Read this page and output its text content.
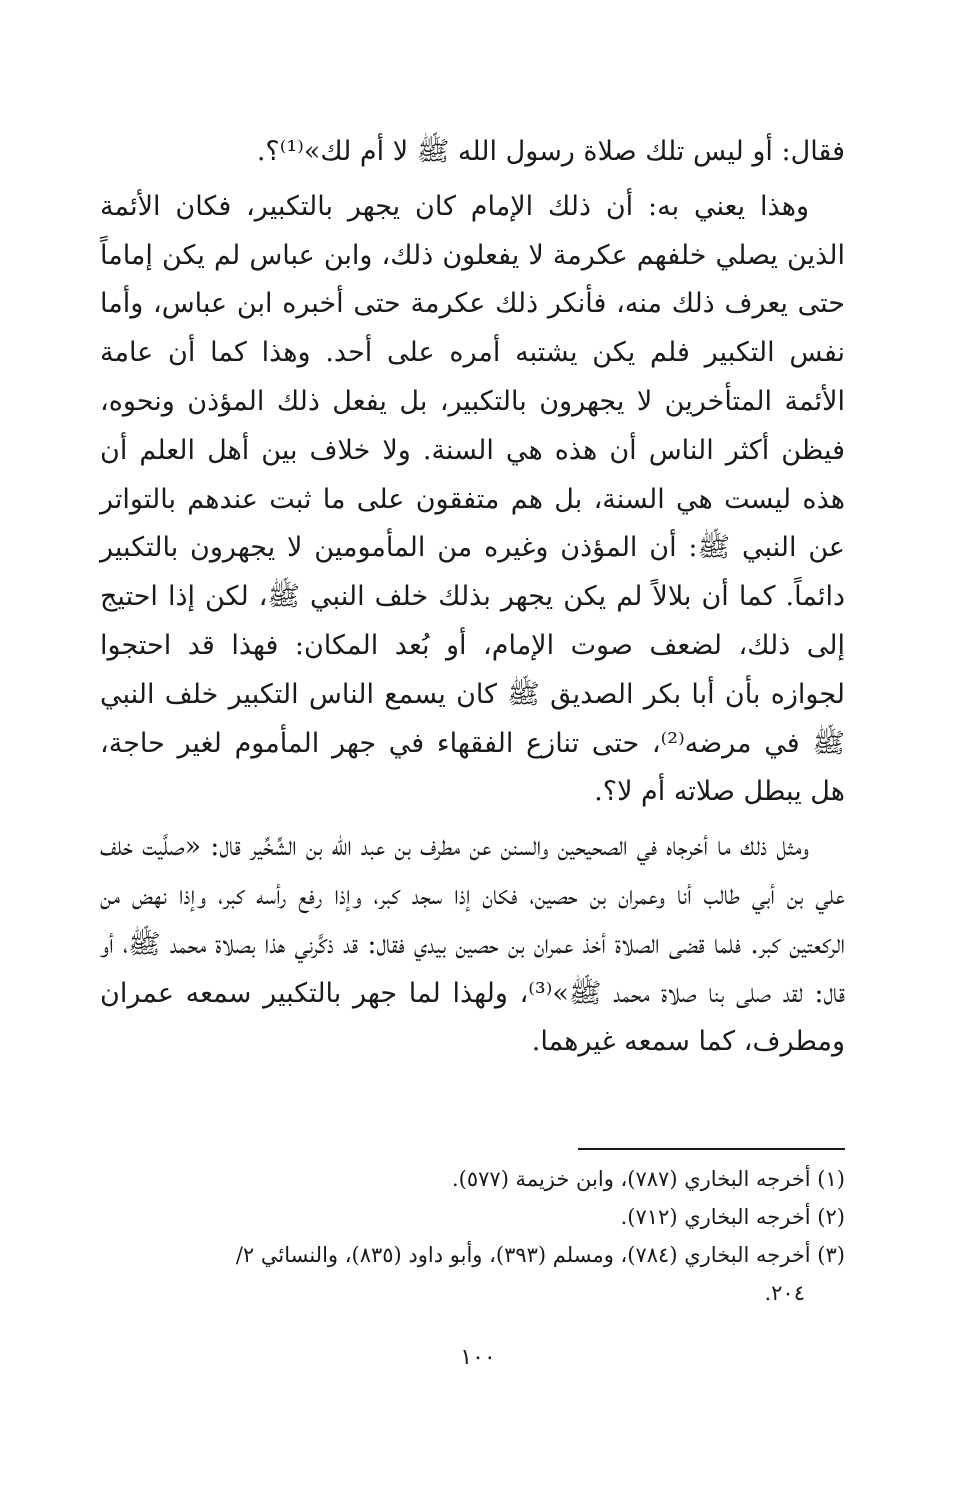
فقال: أو ليس تلك صلاة رسول الله ﷺ لا أم لك»⁽¹⁾؟.

وهذا يعني به: أن ذلك الإمام كان يجهر بالتكبير، فكان الأئمة الذين يصلي خلفهم عكرمة لا يفعلون ذلك، وابن عباس لم يكن إماماً حتى يعرف ذلك منه، فأنكر ذلك عكرمة حتى أخبره ابن عباس، وأما نفس التكبير فلم يكن يشتبه أمره على أحد. وهذا كما أن عامة الأئمة المتأخرين لا يجهرون بالتكبير، بل يفعل ذلك المؤذن ونحوه، فيظن أكثر الناس أن هذه هي السنة. ولا خلاف بين أهل العلم أن هذه ليست هي السنة، بل هم متفقون على ما ثبت عندهم بالتواتر عن النبي ﷺ: أن المؤذن وغيره من المأمومين لا يجهرون بالتكبير دائماً. كما أن بلالاً لم يكن يجهر بذلك خلف النبي ﷺ، لكن إذا احتيج إلى ذلك، لضعف صوت الإمام، أو بُعد المكان: فهذا قد احتجوا لجوازه بأن أبا بكر الصديق ﷺ كان يسمع الناس التكبير خلف النبي ﷺ في مرضه⁽²⁾، حتى تنازع الفقهاء في جهر المأموم لغير حاجة، هل يبطل صلاته أم لا؟.

ومثل ذلك ما أخرجاه في الصحيحين والسنن عن مطرف بن عبد الله بن الشِّخِّير قال: «صلَّيت خلف علي بن أبي طالب أنا وعمران بن حصين، فكان إذا سجد كبر، وإذا رفع رأسه كبر، وإذا نهض من الركعتين كبر. فلما قضى الصلاة أخذ عمران بن حصين بيدي فقال: قد ذكَّرني هذا بصلاة محمد ﷺ، أو قال: لقد صلى بنا صلاة محمد ﷺ»⁽³⁾، ولهذا لما جهر بالتكبير سمعه عمران ومطرف، كما سمعه غيرهما.

(١) أخرجه البخاري (٧٨٧)، وابن خزيمة (٥٧٧).

(٢) أخرجه البخاري (٧١٢).

(٣) أخرجه البخاري (٧٨٤)، ومسلم (٣٩٣)، وأبو داود (٨٣٥)، والنسائي ٢/

٢٠٤.

١٠٠
